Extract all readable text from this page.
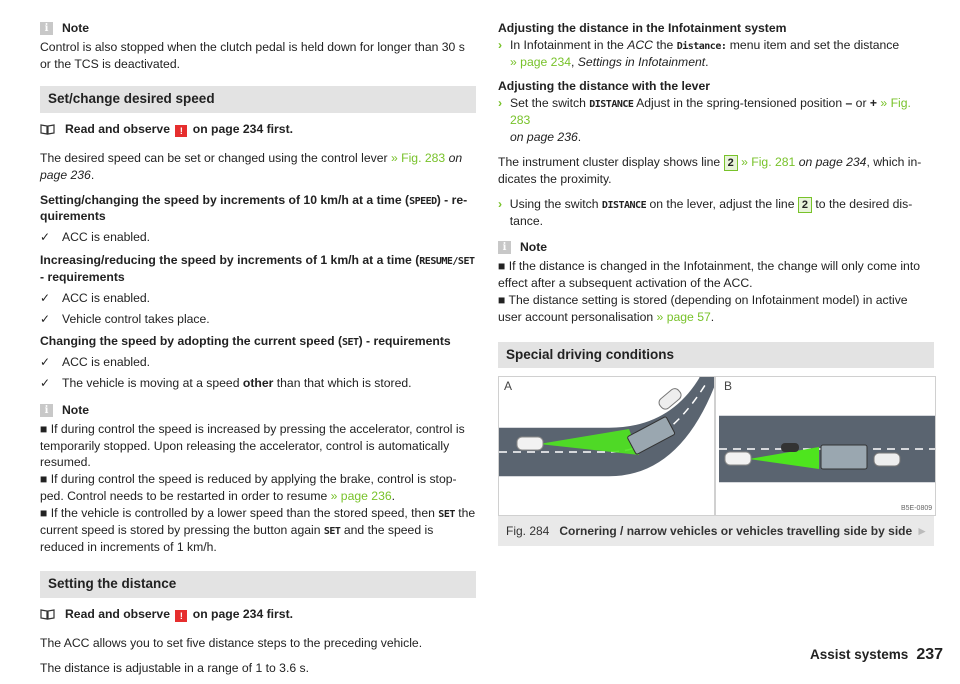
i	Note

Control is also stopped when the clutch pedal is held down for longer than 30 s or the TCS is deactivated.

Set/change desired speed
Read and observe ! on page 234 first.

The desired speed can be set or changed using the control lever » Fig. 283 on page 236.

Setting/changing the speed by increments of 10 km/h at a time (SPEED) - re-quirements

✓ ACC is enabled.

Increasing/reducing the speed by increments of 1 km/h at a time (RESUME/SET
- requirements

✓ ACC is enabled.
✓ Vehicle control takes place.

Changing the speed by adopting the current speed (SET) - requirements

✓ ACC is enabled.
✓ The vehicle is moving at a speed other than that which is stored.
i	Note
■ If during control the speed is increased by pressing the accelerator, control is temporarily stopped. Upon releasing the accelerator, control is automatically resumed.
■ If during control the speed is reduced by applying the brake, control is stop-ped. Control needs to be restarted in order to resume » page 236.
■ If the vehicle is controlled by a lower speed than the stored speed, then SET the current speed is stored by pressing the button again SET and the speed is reduced in increments of 1 km/h.
Setting the distance
Read and observe ! on page 234 first.

The ACC allows you to set five distance steps to the preceding vehicle.

The distance is adjustable in a range of 1 to 3.6 s.

Adjusting the distance in the Infotainment system
› In Infotainment in the ACC the Distance: menu item and set the distance
» page 234, Settings in Infotainment.
Adjusting the distance with the lever
› Set the switch DISTANCE Adjust in the spring-tensioned position – or + » Fig. 283
on page 236.

The instrument cluster display shows line 2 » Fig. 281 on page 234, which in-dicates the proximity.

› Using the switch DISTANCE on the lever, adjust the line 2 to the desired dis-tance.
i	Note
■ If the distance is changed in the Infotainment, the change will only come into effect after a subsequent activation of the ACC.
■ The distance setting is stored (depending on Infotainment model) in active user account personalisation » page 57.
Special driving conditions
A	B
B5E-0809
Fig. 284 Cornering / narrow vehicles or vehicles travelling side by side ►
Assist systems 237
